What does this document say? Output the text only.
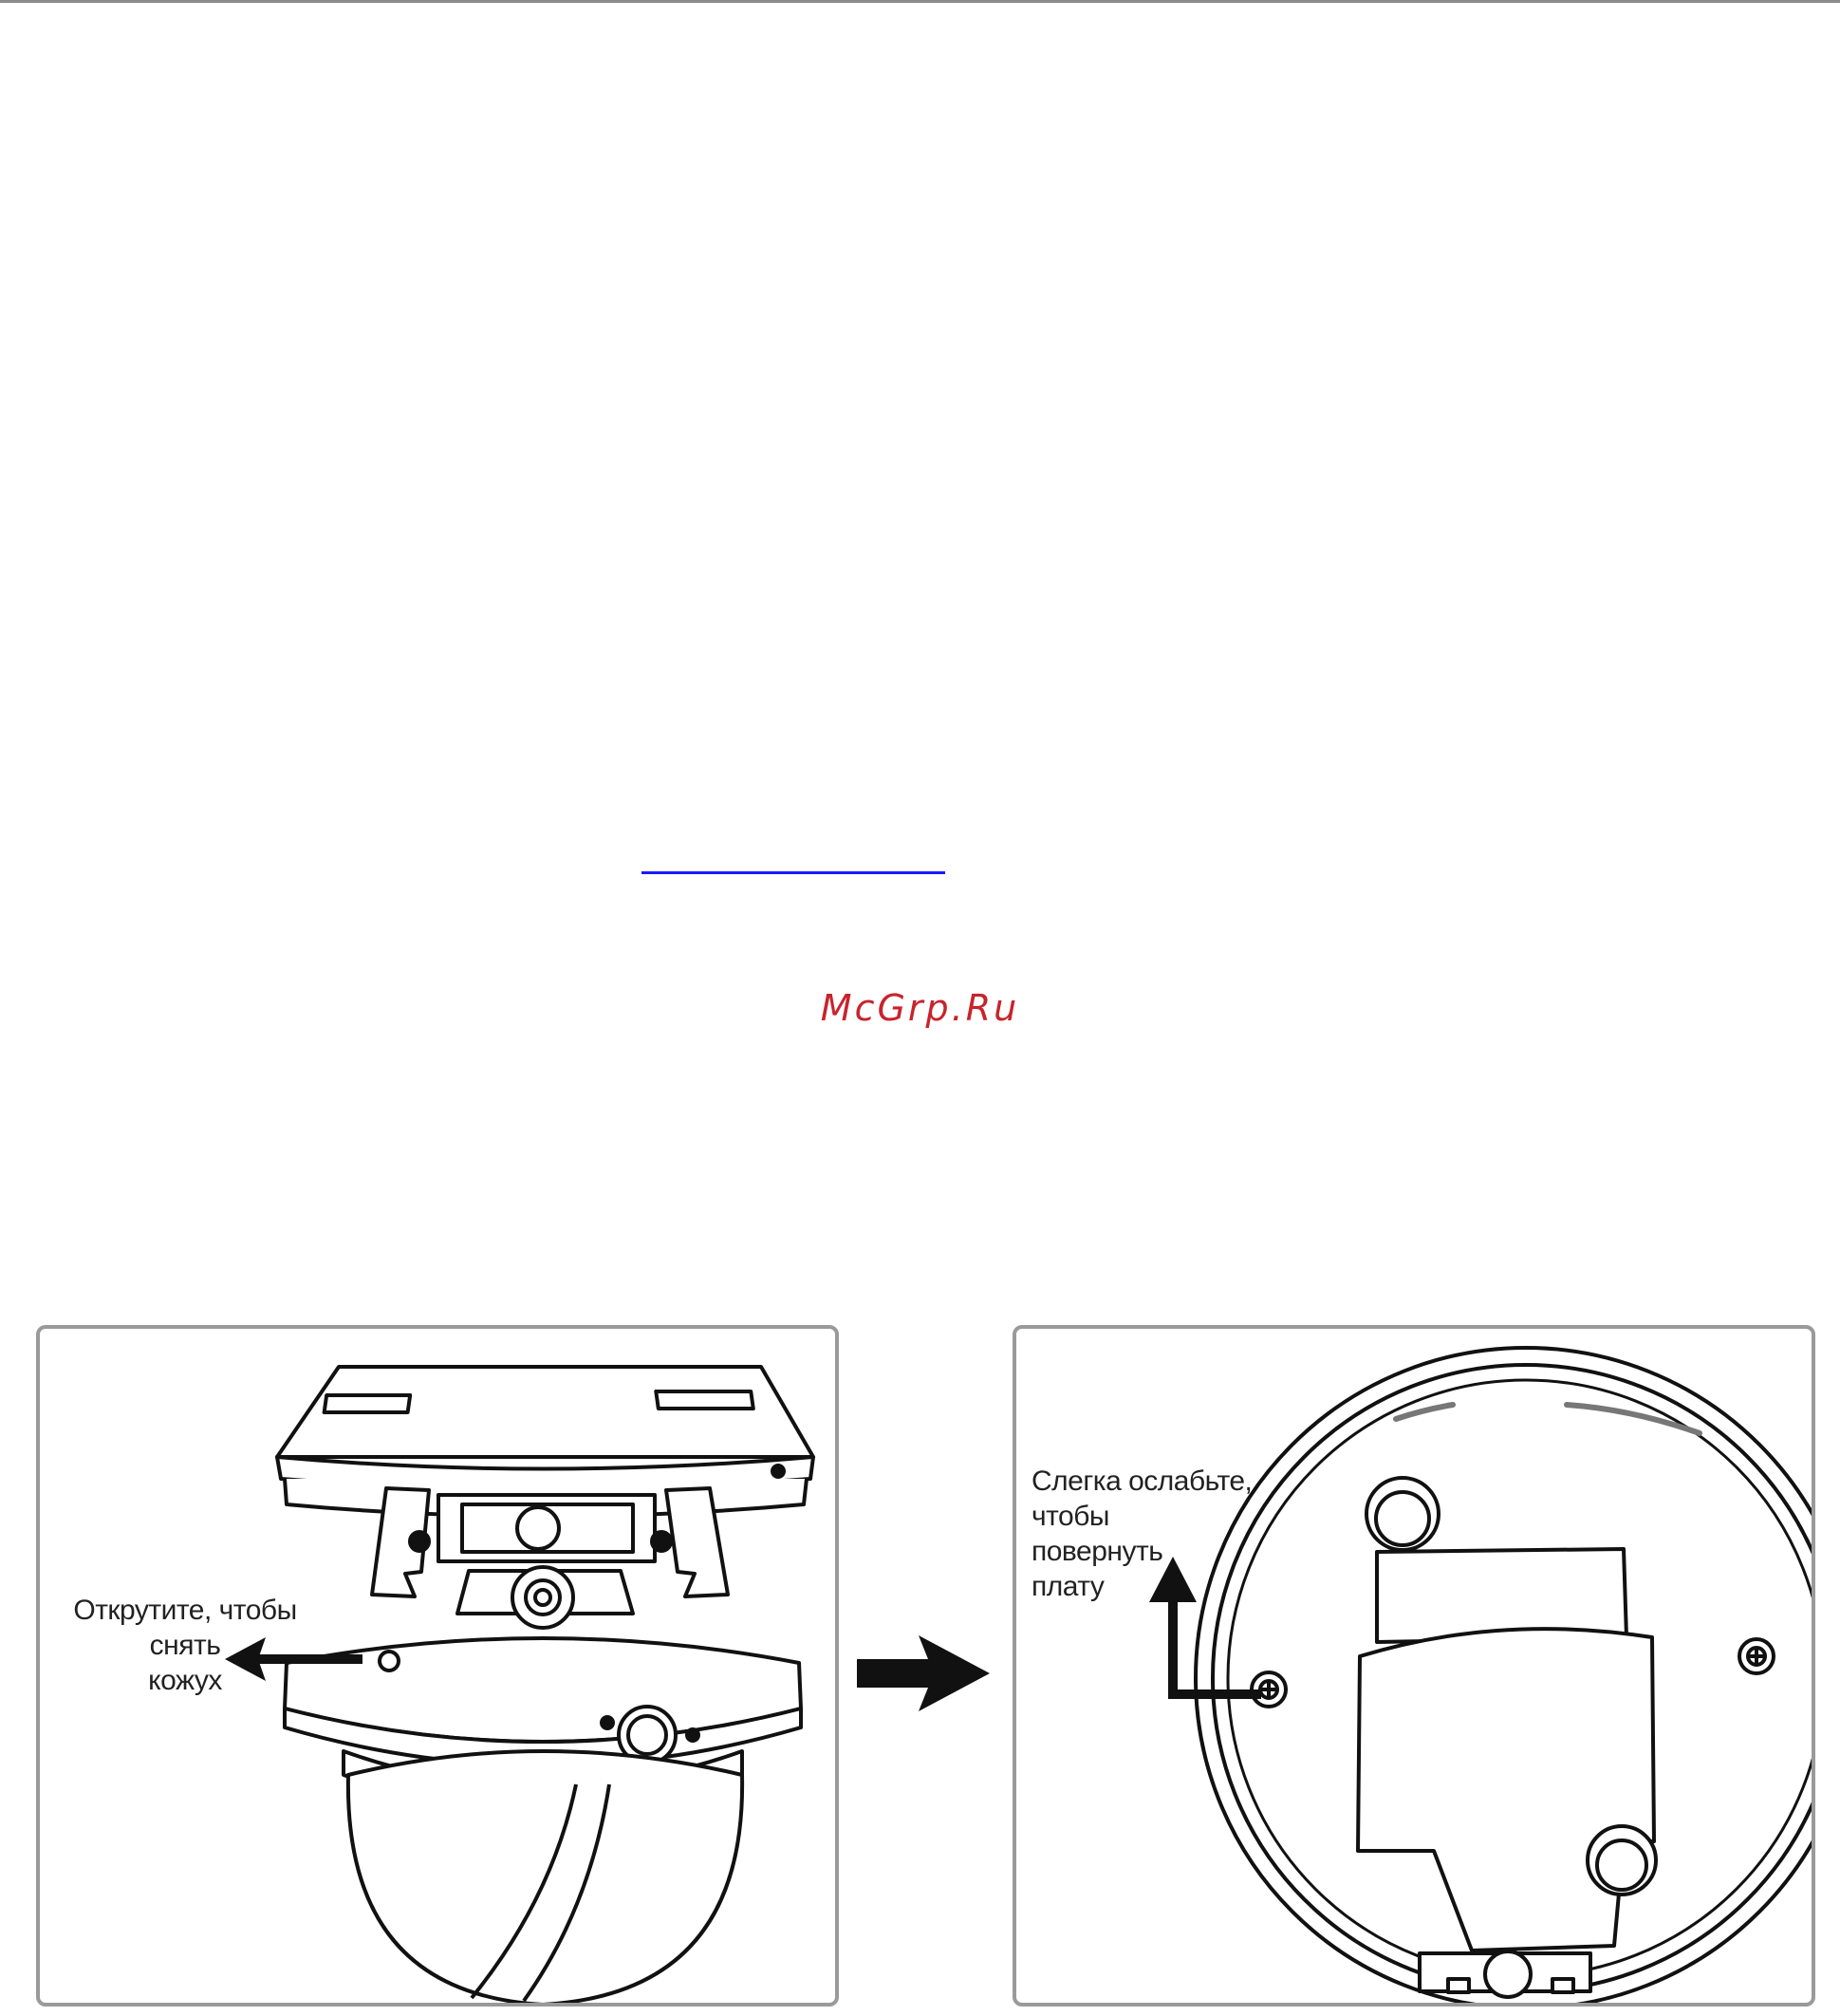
McGrp.Ru
Открутите, чтобы
снять
кожух
Слегка ослабьте,
чтобы
повернуть
плату
